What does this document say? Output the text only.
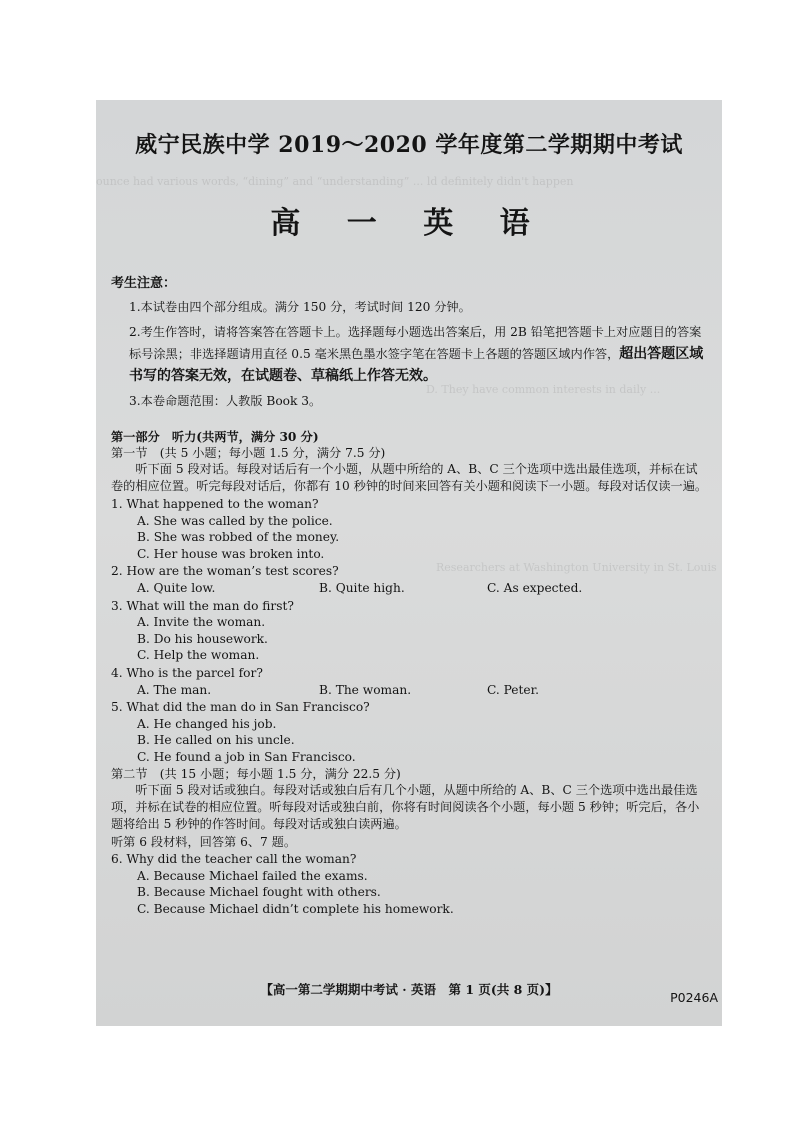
ounce had various words, “dining” and “understanding” ... ld definitely didn't happen
D. They have common interests in daily ...
Researchers at Washington University in St. Louis
威宁民族中学 2019～2020 学年度第二学期期中考试
高 一 英 语
考生注意：
1.本试卷由四个部分组成。满分 150 分，考试时间 120 分钟。
2.考生作答时，请将答案答在答题卡上。选择题每小题选出答案后，用 2B 铅笔把答题卡上对应题目的答案标号涂黑；非选择题请用直径 0.5 毫米黑色墨水签字笔在答题卡上各题的答题区域内作答，超出答题区域书写的答案无效，在试题卷、草稿纸上作答无效。
3.本卷命题范围：人教版 Book 3。
第一部分　听力(共两节，满分 30 分)
第一节　(共 5 小题；每小题 1.5 分，满分 7.5 分)
听下面 5 段对话。每段对话后有一个小题，从题中所给的 A、B、C 三个选项中选出最佳选项，并标在试卷的相应位置。听完每段对话后，你都有 10 秒钟的时间来回答有关小题和阅读下一小题。每段对话仅读一遍。
1. What happened to the woman?
A. She was called by the police.
B. She was robbed of the money.
C. Her house was broken into.
2. How are the woman’s test scores?
A. Quite low.	B. Quite high.	C. As expected.
3. What will the man do first?
A. Invite the woman.
B. Do his housework.
C. Help the woman.
4. Who is the parcel for?
A. The man.	B. The woman.	C. Peter.
5. What did the man do in San Francisco?
A. He changed his job.
B. He called on his uncle.
C. He found a job in San Francisco.
第二节　(共 15 小题；每小题 1.5 分，满分 22.5 分)
听下面 5 段对话或独白。每段对话或独白后有几个小题，从题中所给的 A、B、C 三个选项中选出最佳选项，并标在试卷的相应位置。听每段对话或独白前，你将有时间阅读各个小题，每小题 5 秒钟；听完后，各小题将给出 5 秒钟的作答时间。每段对话或独白读两遍。
听第 6 段材料，回答第 6、7 题。
6. Why did the teacher call the woman?
A. Because Michael failed the exams.
B. Because Michael fought with others.
C. Because Michael didn’t complete his homework.
【高一第二学期期中考试 · 英语　第 1 页(共 8 页)】
P0246A
